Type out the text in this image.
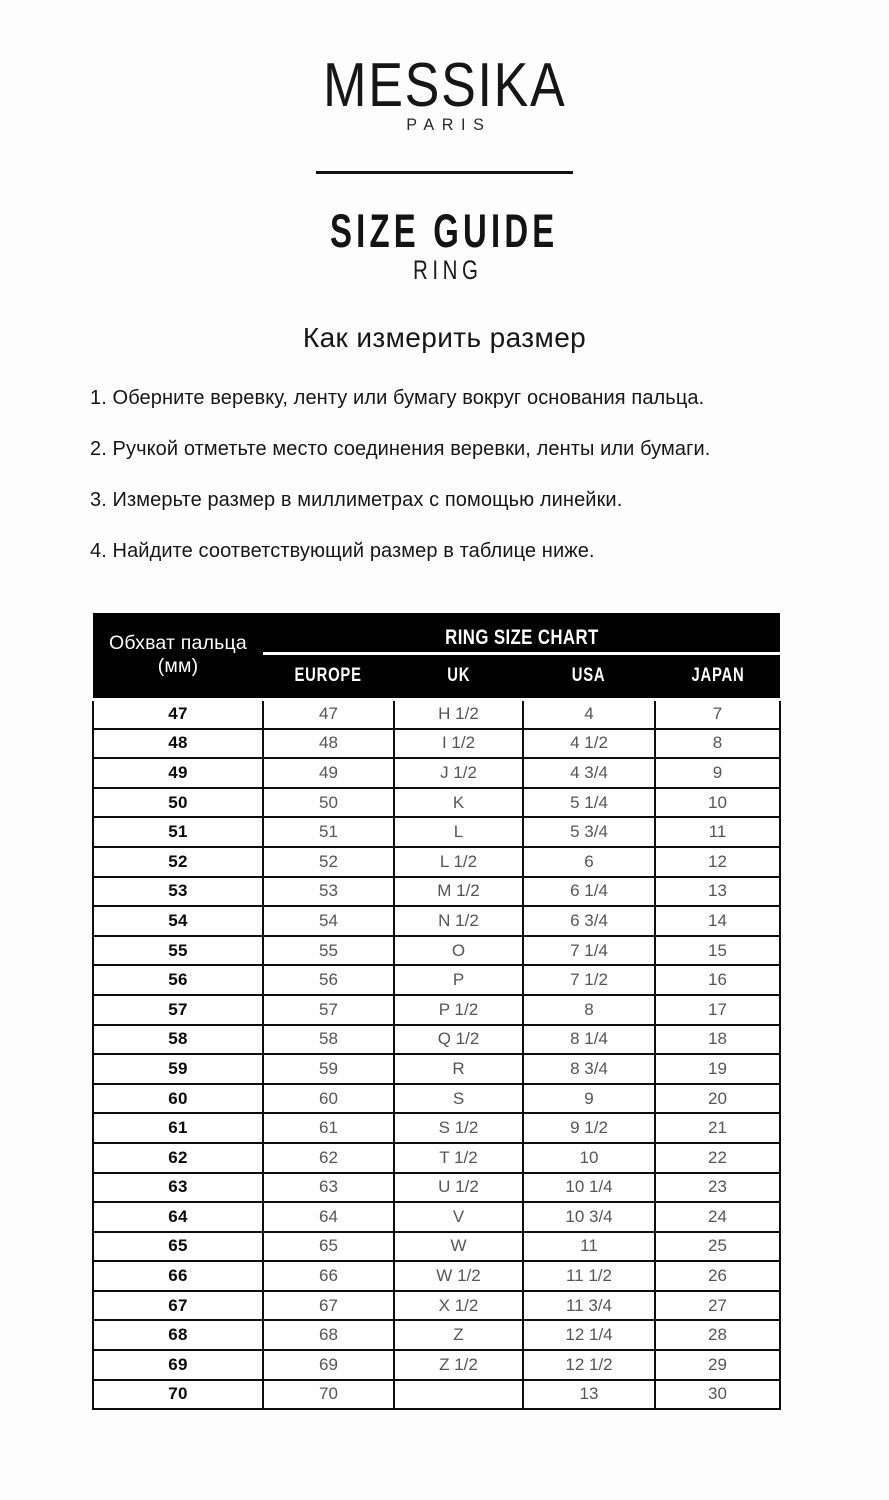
MESSIKA
PARIS
SIZE GUIDE
RING
Как измерить размер
1. Оберните веревку, ленту или бумагу вокруг основания пальца.
2. Ручкой отметьте место соединения веревки, ленты или бумаги.
3. Измерьте размер в миллиметрах с помощью линейки.
4. Найдите соответствующий размер в таблице ниже.
Обхват пальца
(мм)	RING SIZE CHART			
	EUROPE	UK	USA	JAPAN
47	47	H 1/2	4	7
48	48	I 1/2	4 1/2	8
49	49	J 1/2	4 3/4	9
50	50	K	5 1/4	10
51	51	L	5 3/4	11
52	52	L 1/2	6	12
53	53	M 1/2	6 1/4	13
54	54	N 1/2	6 3/4	14
55	55	O	7 1/4	15
56	56	P	7 1/2	16
57	57	P 1/2	8	17
58	58	Q 1/2	8 1/4	18
59	59	R	8 3/4	19
60	60	S	9	20
61	61	S 1/2	9 1/2	21
62	62	T 1/2	10	22
63	63	U 1/2	10 1/4	23
64	64	V	10 3/4	24
65	65	W	11	25
66	66	W 1/2	11 1/2	26
67	67	X 1/2	11 3/4	27
68	68	Z	12 1/4	28
69	69	Z 1/2	12 1/2	29
70	70		13	30
